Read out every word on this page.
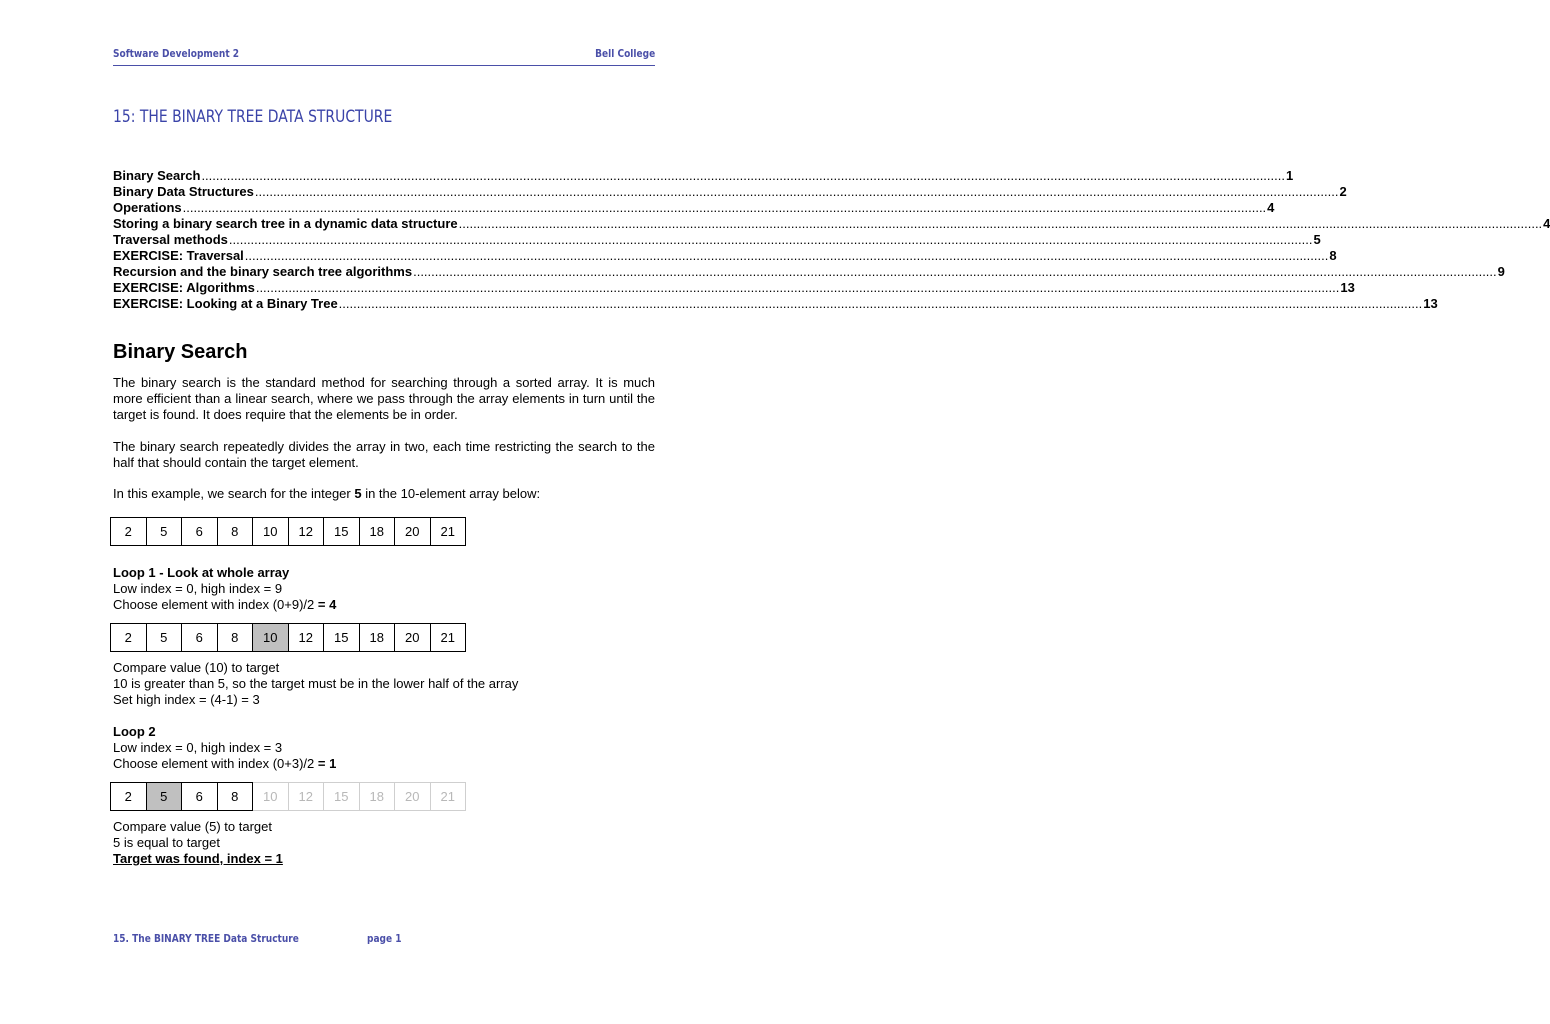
Software Development 2	Bell College
15: THE BINARY TREE DATA STRUCTURE
Binary Search ............................................................................................................................................................................................................................................................................................................ 1
Binary Data Structures ............................................................................................................................................................................................................................................................................................................ 2
Operations ............................................................................................................................................................................................................................................................................................................ 4
Storing a binary search tree in a dynamic data structure ............................................................................................................................................................................................................................................................................................................ 4
Traversal methods ............................................................................................................................................................................................................................................................................................................ 5
EXERCISE: Traversal ............................................................................................................................................................................................................................................................................................................ 8
Recursion and the binary search tree algorithms ............................................................................................................................................................................................................................................................................................................ 9
EXERCISE: Algorithms ............................................................................................................................................................................................................................................................................................................ 13
EXERCISE: Looking at a Binary Tree ............................................................................................................................................................................................................................................................................................................ 13
Binary Search
The binary search is the standard method for searching through a sorted array. It is much more efficient than a linear search, where we pass through the array elements in turn until the target is found. It does require that the elements be in order.
The binary search repeatedly divides the array in two, each time restricting the search to the half that should contain the target element.
In this example, we search for the integer 5 in the 10-element array below:
2	5	6	8	10	12	15	18	20	21
Loop 1 - Look at whole array
Low index = 0, high index = 9
Choose element with index (0+9)/2 = 4
2	5	6	8	10	12	15	18	20	21
Compare value (10) to target
10 is greater than 5, so the target must be in the lower half of the array
Set high index = (4-1) = 3
Loop 2
Low index = 0, high index = 3
Choose element with index (0+3)/2 = 1
2	5	6	8	10	12	15	18	20	21
Compare value (5) to target
5 is equal to target
Target was found, index = 1
15. The BINARY TREE Data Structure	page 1
